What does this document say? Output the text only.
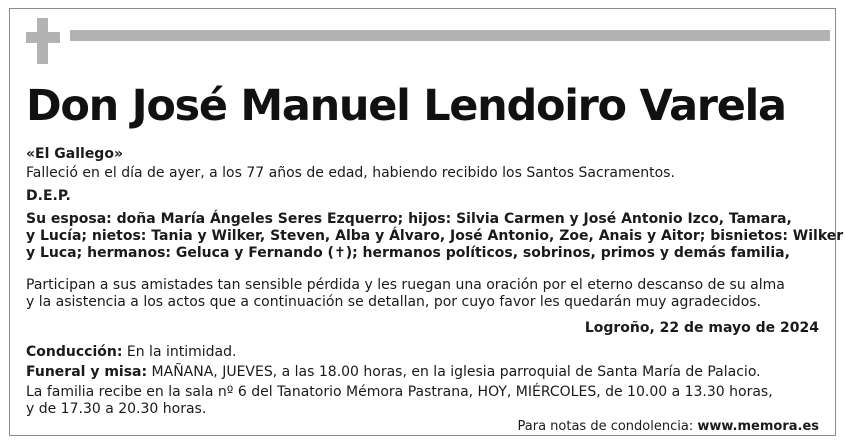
Don José Manuel Lendoiro Varela
«El Gallego»
Falleció en el día de ayer, a los 77 años de edad, habiendo recibido los Santos Sacramentos.
D.E.P.
Su esposa: doña María Ángeles Seres Ezquerro; hijos: Silvia Carmen y José Antonio Izco, Tamara,
y Lucía; nietos: Tania y Wilker, Steven, Alba y Álvaro, José Antonio, Zoe, Anais y Aitor; bisnietos: Wilker
y Luca; hermanos: Geluca y Fernando (✝); hermanos políticos, sobrinos, primos y demás familia,
Participan a sus amistades tan sensible pérdida y les ruegan una oración por el eterno descanso de su alma
y la asistencia a los actos que a continuación se detallan, por cuyo favor les quedarán muy agradecidos.
Logroño, 22 de mayo de 2024
Conducción: En la intimidad.
Funeral y misa: MAÑANA, JUEVES, a las 18.00 horas, en la iglesia parroquial de Santa María de Palacio.
La familia recibe en la sala nº 6 del Tanatorio Mémora Pastrana, HOY, MIÉRCOLES, de 10.00 a 13.30 horas,
y de 17.30 a 20.30 horas.
Para notas de condolencia: www.memora.es
